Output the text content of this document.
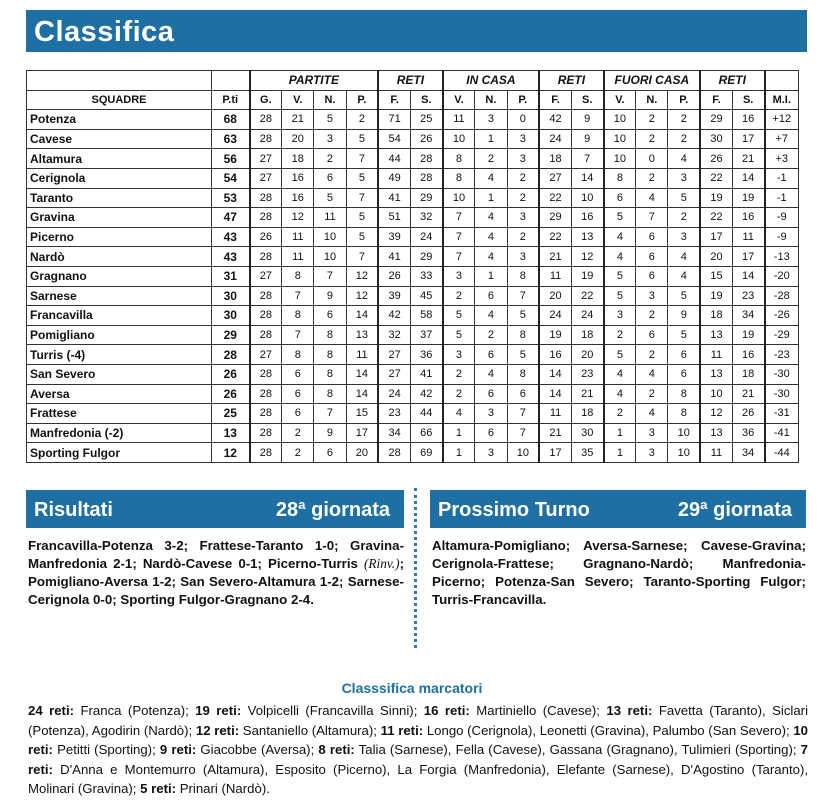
Classifica
		PARTITE				RETI		IN CASA			RETI		FUORI CASA			RETI		
SQUADRE	P.ti	G.	V.	N.	P.	F.	S.	V.	N.	P.	F.	S.	V.	N.	P.	F.	S.	M.I.
Potenza	68	28	21	5	2	71	25	11	3	0	42	9	10	2	2	29	16	+12
Cavese	63	28	20	3	5	54	26	10	1	3	24	9	10	2	2	30	17	+7
Altamura	56	27	18	2	7	44	28	8	2	3	18	7	10	0	4	26	21	+3
Cerignola	54	27	16	6	5	49	28	8	4	2	27	14	8	2	3	22	14	-1
Taranto	53	28	16	5	7	41	29	10	1	2	22	10	6	4	5	19	19	-1
Gravina	47	28	12	11	5	51	32	7	4	3	29	16	5	7	2	22	16	-9
Picerno	43	26	11	10	5	39	24	7	4	2	22	13	4	6	3	17	11	-9
Nardò	43	28	11	10	7	41	29	7	4	3	21	12	4	6	4	20	17	-13
Gragnano	31	27	8	7	12	26	33	3	1	8	11	19	5	6	4	15	14	-20
Sarnese	30	28	7	9	12	39	45	2	6	7	20	22	5	3	5	19	23	-28
Francavilla	30	28	8	6	14	42	58	5	4	5	24	24	3	2	9	18	34	-26
Pomigliano	29	28	7	8	13	32	37	5	2	8	19	18	2	6	5	13	19	-29
Turris (-4)	28	27	8	8	11	27	36	3	6	5	16	20	5	2	6	11	16	-23
San Severo	26	28	6	8	14	27	41	2	4	8	14	23	4	4	6	13	18	-30
Aversa	26	28	6	8	14	24	42	2	6	6	14	21	4	2	8	10	21	-30
Frattese	25	28	6	7	15	23	44	4	3	7	11	18	2	4	8	12	26	-31
Manfredonia (-2)	13	28	2	9	17	34	66	1	6	7	21	30	1	3	10	13	36	-41
Sporting Fulgor	12	28	2	6	20	28	69	1	3	10	17	35	1	3	10	11	34	-44
Risultati	28ª giornata Prossimo Turno	29ª giornata
Francavilla-Potenza 3-2; Frattese-Taranto 1-0; Gravina-Manfredonia 2-1; Nardò-Cavese 0-1; Picerno-Turris (Rinv.); Pomigliano-Aversa 1-2; San Severo-Altamura 1-2; Sarnese-Cerignola 0-0; Sporting Fulgor-Gragnano 2-4.
Altamura-Pomigliano; Aversa-Sarnese; Cavese-Gravina; Cerignola-Frattese; Gragnano-Nardò; Manfredonia-Picerno; Potenza-San Severo; Taranto-Sporting Fulgor; Turris-Francavilla.
Classsifica marcatori
24 reti: Franca (Potenza); 19 reti: Volpicelli (Francavilla Sinni); 16 reti: Martiniello (Cavese); 13 reti: Favetta (Taranto), Siclari (Potenza), Agodirin (Nardò); 12 reti: Santaniello (Altamura); 11 reti: Longo (Cerignola), Leonetti (Gravina), Palumbo (San Severo); 10 reti: Petitti (Sporting); 9 reti: Giacobbe (Aversa); 8 reti: Talia (Sarnese), Fella (Cavese), Gassana (Gragnano), Tulimieri (Sporting); 7 reti: D'Anna e Montemurro (Altamura), Esposito (Picerno), La Forgia (Manfredonia), Elefante (Sarnese), D'Agostino (Taranto), Molinari (Gravina); 5 reti: Prinari (Nardò).
